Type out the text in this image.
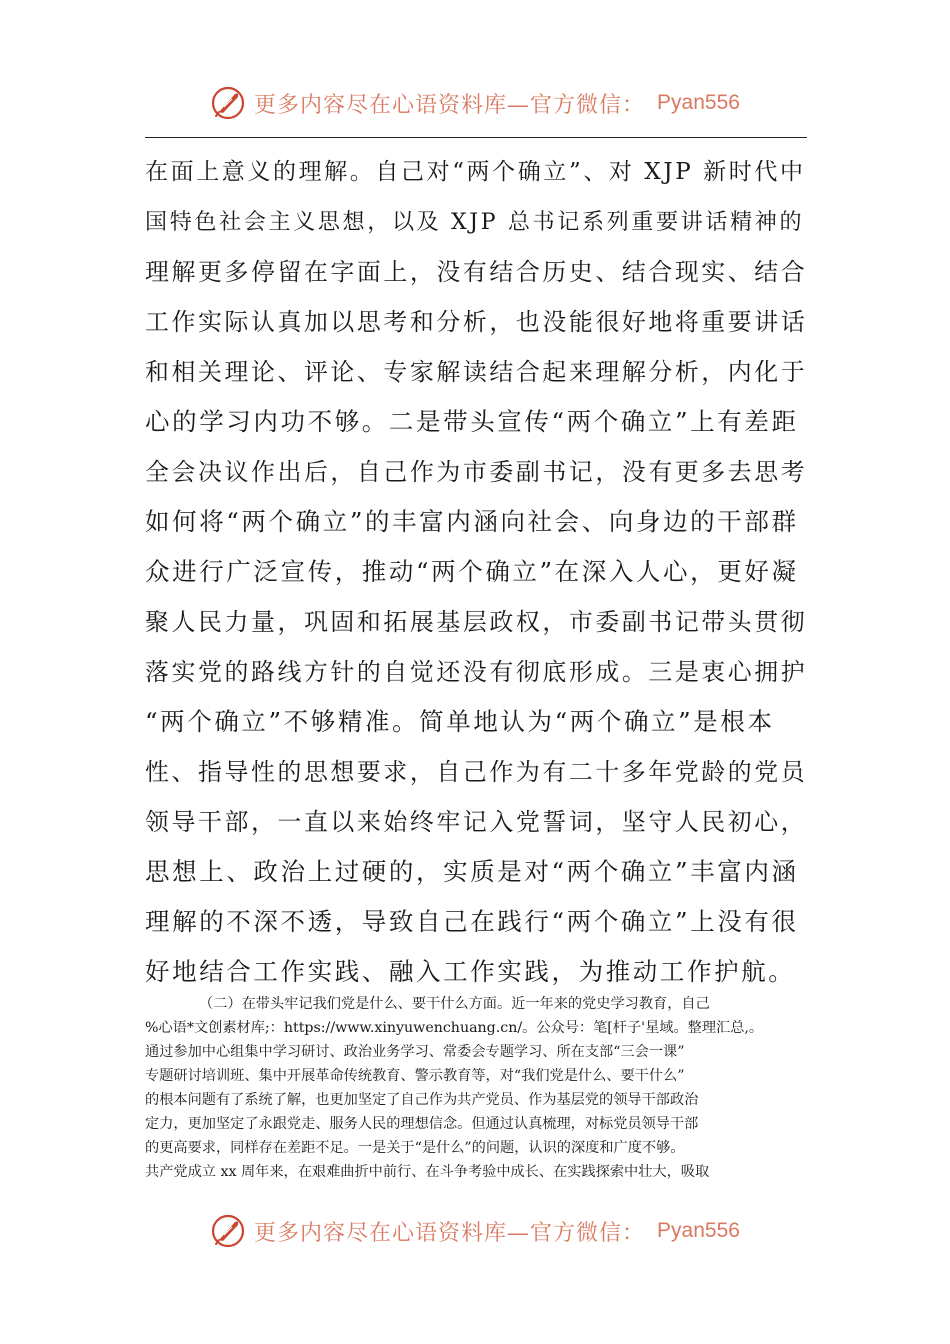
更多内容尽在心语资料库—官方微信： Pyan556
在面上意义的理解。自己对“两个确立”、对 XJP 新时代中
国特色社会主义思想，以及 XJP 总书记系列重要讲话精神的
理解更多停留在字面上，没有结合历史、结合现实、结合
工作实际认真加以思考和分析，也没能很好地将重要讲话
和相关理论、评论、专家解读结合起来理解分析，内化于
心的学习内功不够。二是带头宣传“两个确立”上有差距
全会决议作出后，自己作为市委副书记，没有更多去思考
如何将“两个确立”的丰富内涵向社会、向身边的干部群
众进行广泛宣传，推动“两个确立”在深入人心，更好凝
聚人民力量，巩固和拓展基层政权，市委副书记带头贯彻
落实党的路线方针的自觉还没有彻底形成。三是衷心拥护
“两个确立”不够精准。简单地认为“两个确立”是根本
性、指导性的思想要求，自己作为有二十多年党龄的党员
领导干部，一直以来始终牢记入党誓词，坚守人民初心，
思想上、政治上过硬的，实质是对“两个确立”丰富内涵
理解的不深不透，导致自己在践行“两个确立”上没有很
好地结合工作实践、融入工作实践，为推动工作护航。
（二）在带头牢记我们党是什么、要干什么方面。近一年来的党史学习教育，自己
%心语*文创素材库;：https://www.xinyuwenchuang.cn/。公众号：笔[杆子'星域。整理汇总,。
通过参加中心组集中学习研讨、政治业务学习、常委会专题学习、所在支部“三会一课”
专题研讨培训班、集中开展革命传统教育、警示教育等，对“我们党是什么、要干什么”
的根本问题有了系统了解，也更加坚定了自己作为共产党员、作为基层党的领导干部政治
定力，更加坚定了永跟党走、服务人民的理想信念。但通过认真梳理，对标党员领导干部
的更高要求，同样存在差距不足。一是关于“是什么”的问题，认识的深度和广度不够。
共产党成立 xx 周年来，在艰难曲折中前行、在斗争考验中成长、在实践探索中壮大，吸取
更多内容尽在心语资料库—官方微信： Pyan556
